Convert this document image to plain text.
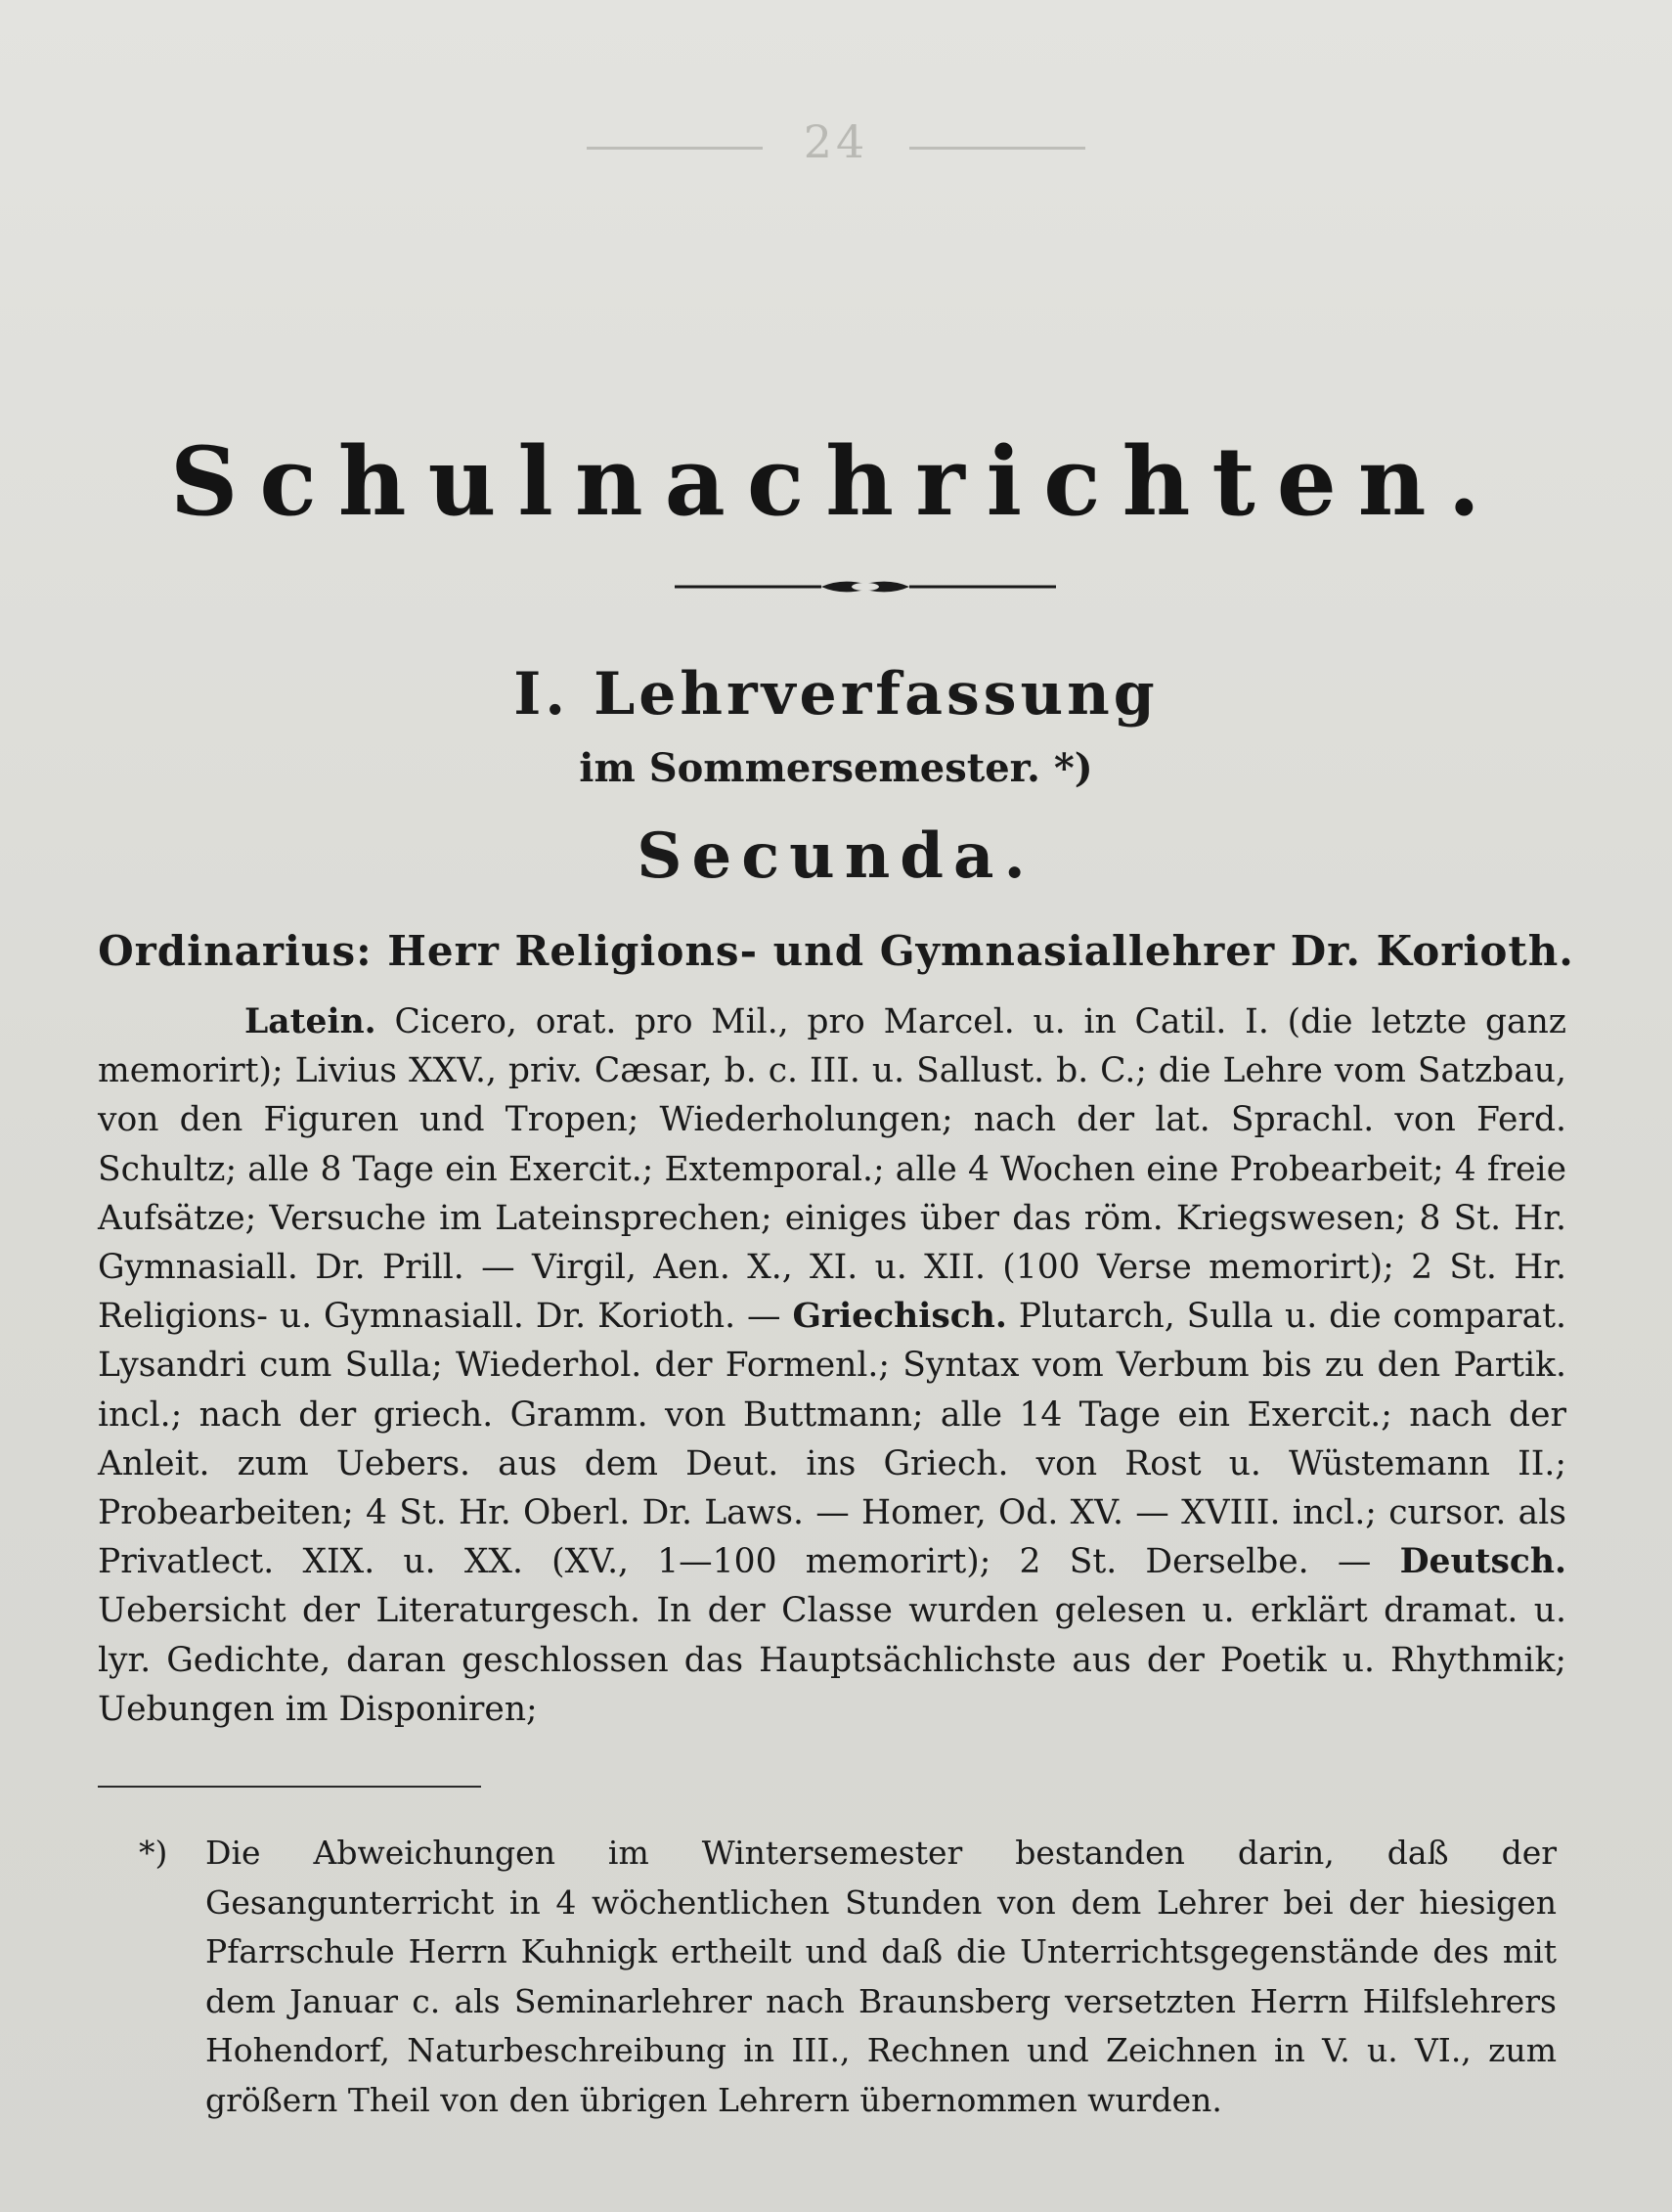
24
Schulnachrichten.
I. Lehrverfassung
im Sommersemester. *)
Secunda.
Ordinarius: Herr Religions- und Gymnasiallehrer Dr. Korioth.

Latein. Cicero, orat. pro Mil., pro Marcel. u. in Catil. I. (die letzte ganz memorirt); Livius XXV., priv. Cæsar, b. c. III. u. Sallust. b. C.; die Lehre vom Satzbau, von den Figuren und Tropen; Wiederholungen; nach der lat. Sprachl. von Ferd. Schultz; alle 8 Tage ein Exercit.; Extemporal.; alle 4 Wochen eine Probearbeit; 4 freie Aufsätze; Versuche im Lateinsprechen; einiges über das röm. Kriegswesen; 8 St. Hr. Gymnasiall. Dr. Prill. — Virgil, Aen. X., XI. u. XII. (100 Verse memorirt); 2 St. Hr. Religions- u. Gymnasiall. Dr. Korioth. — Griechisch. Plutarch, Sulla u. die comparat. Lysandri cum Sulla; Wiederhol. der Formenl.; Syntax vom Verbum bis zu den Partik. incl.; nach der griech. Gramm. von Buttmann; alle 14 Tage ein Exercit.; nach der Anleit. zum Uebers. aus dem Deut. ins Griech. von Rost u. Wüstemann II.; Probearbeiten; 4 St. Hr. Oberl. Dr. Laws. — Homer, Od. XV. — XVIII. incl.; cursor. als Privatlect. XIX. u. XX. (XV., 1—100 memorirt); 2 St. Derselbe. — Deutsch. Uebersicht der Literaturgesch. In der Classe wurden gelesen u. erklärt dramat. u. lyr. Gedichte, daran geschlossen das Hauptsächlichste aus der Poetik u. Rhythmik; Uebungen im Disponiren;

*) Die Abweichungen im Wintersemester bestanden darin, daß der Gesangunterricht in 4 wöchentlichen Stunden von dem Lehrer bei der hiesigen Pfarrschule Herrn Kuhnigk ertheilt und daß die Unterrichtsgegenstände des mit dem Januar c. als Seminarlehrer nach Braunsberg versetzten Herrn Hilfslehrers Hohendorf, Naturbeschreibung in III., Rechnen und Zeichnen in V. u. VI., zum größern Theil von den übrigen Lehrern übernommen wurden.
